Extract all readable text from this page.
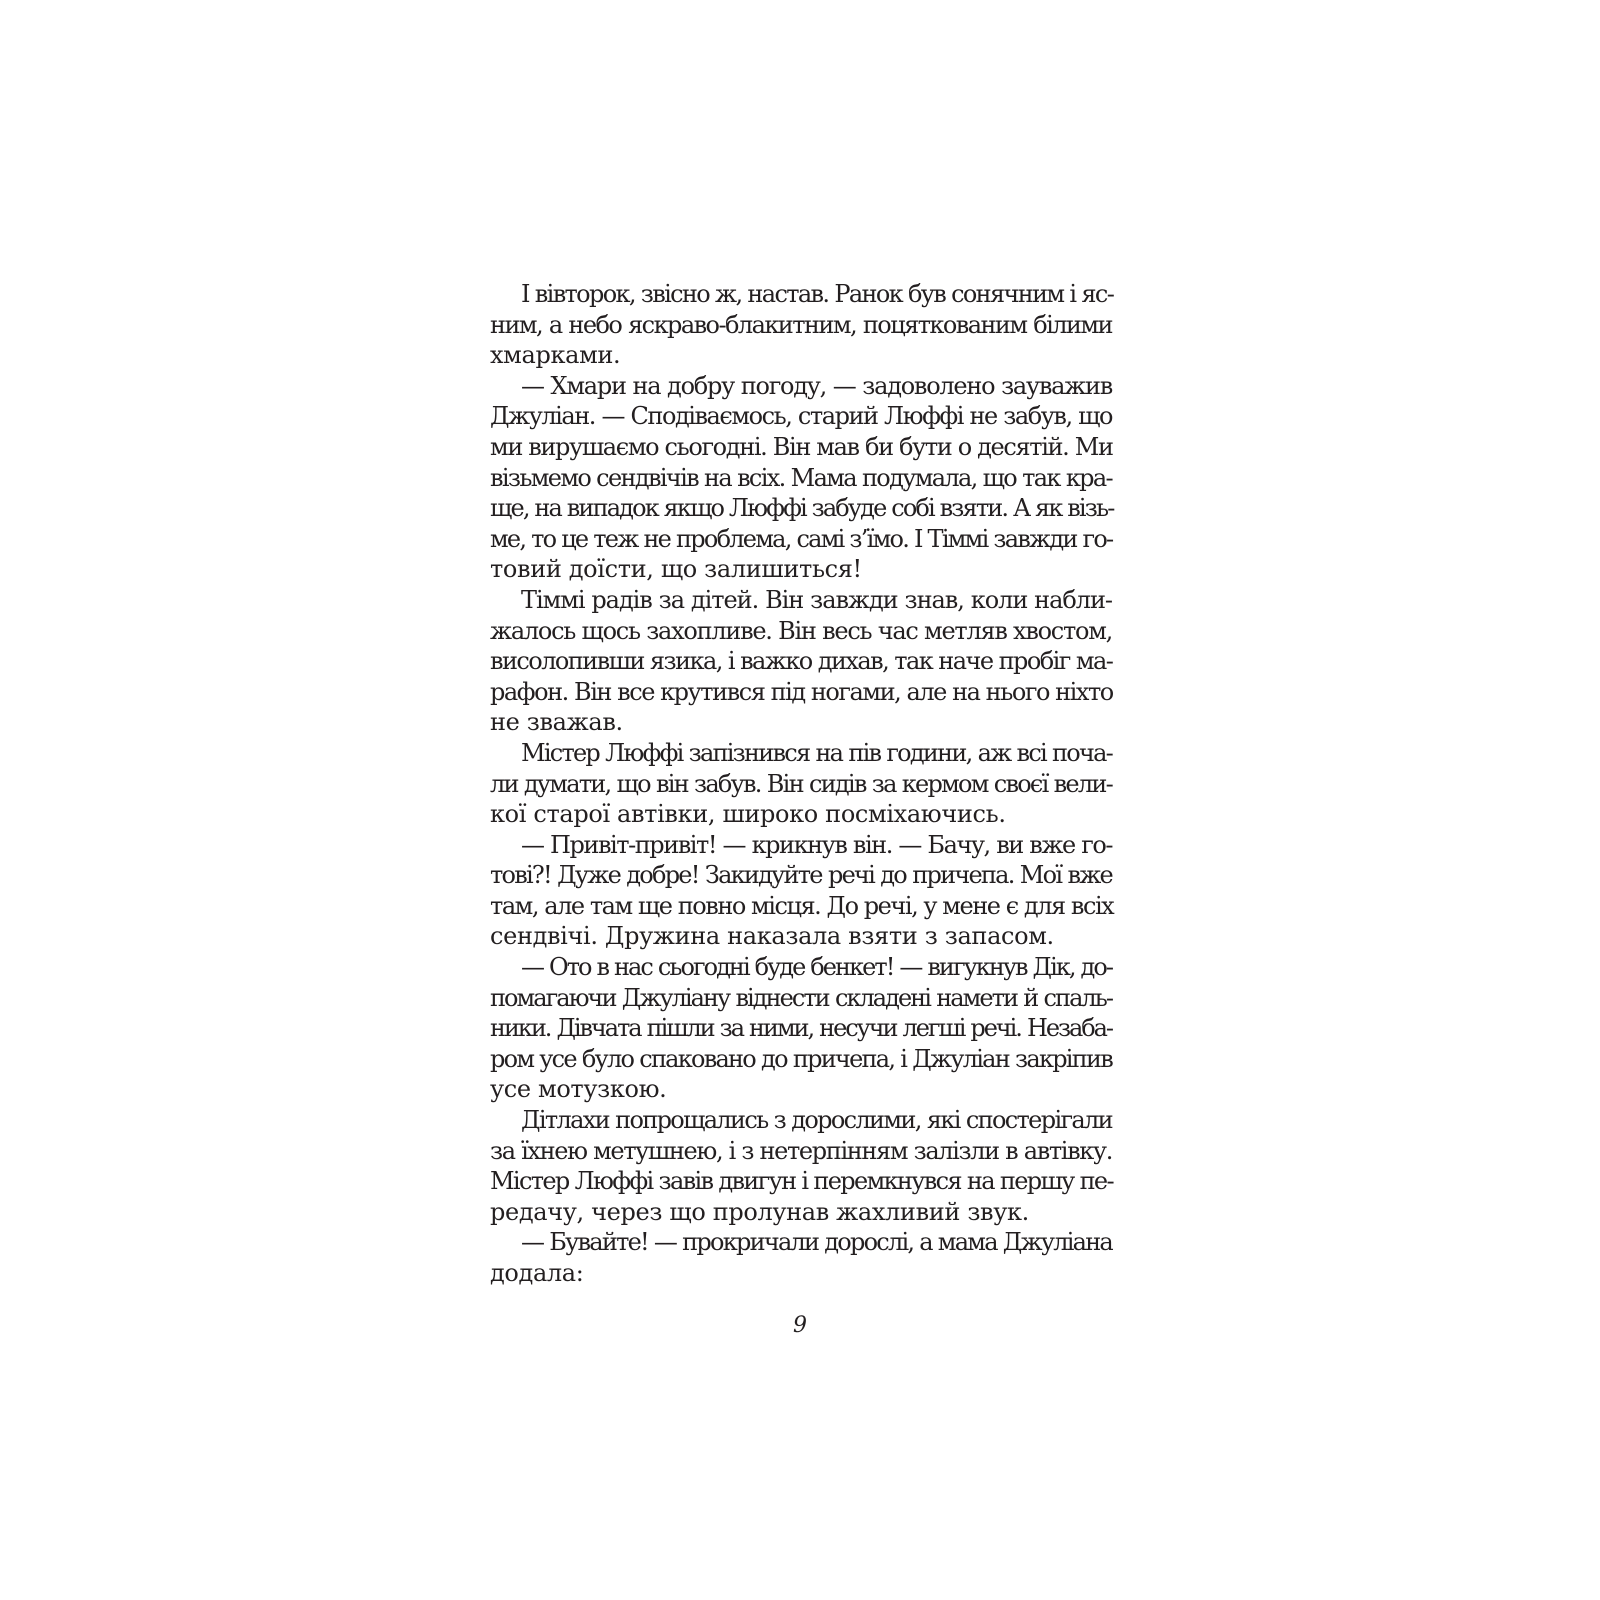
І вівторок, звісно ж, настав. Ранок був сонячним і яс-
ним, а небо яскраво-блакитним, поцяткованим білими
хмарками.
— Хмари на добру погоду, — задоволено зауважив
Джуліан. — Сподіваємось, старий Люффі не забув, що
ми вирушаємо сьогодні. Він мав би бути о десятій. Ми
візьмемо сендвічів на всіх. Мама подумала, що так кра-
ще, на випадок якщо Люффі забуде собі взяти. А як візь-
ме, то це теж не проблема, самі з’їмо. І Тіммі завжди го-
товий доїсти, що залишиться!
Тіммі радів за дітей. Він завжди знав, коли набли-
жалось щось захопливе. Він весь час метляв хвостом,
висолопивши язика, і важко дихав, так наче пробіг ма-
рафон. Він все крутився під ногами, але на нього ніхто
не зважав.
Містер Люффі запізнився на пів години, аж всі поча-
ли думати, що він забув. Він сидів за кермом своєї вели-
кої старої автівки, широко посміхаючись.
— Привіт-привіт! — крикнув він. — Бачу, ви вже го-
тові?! Дуже добре! Закидуйте речі до причепа. Мої вже
там, але там ще повно місця. До речі, у мене є для всіх
сендвічі. Дружина наказала взяти з запасом.
— Ото в нас сьогодні буде бенкет! — вигукнув Дік, до-
помагаючи Джуліану віднести складені намети й спаль-
ники. Дівчата пішли за ними, несучи легші речі. Незаба-
ром усе було спаковано до причепа, і Джуліан закріпив
усе мотузкою.
Дітлахи попрощались з дорослими, які спостерігали
за їхнею метушнею, і з нетерпінням залізли в автівку.
Містер Люффі завів двигун і перемкнувся на першу пе-
редачу, через що пролунав жахливий звук.
— Бувайте! — прокричали дорослі, а мама Джуліана
додала:
9
